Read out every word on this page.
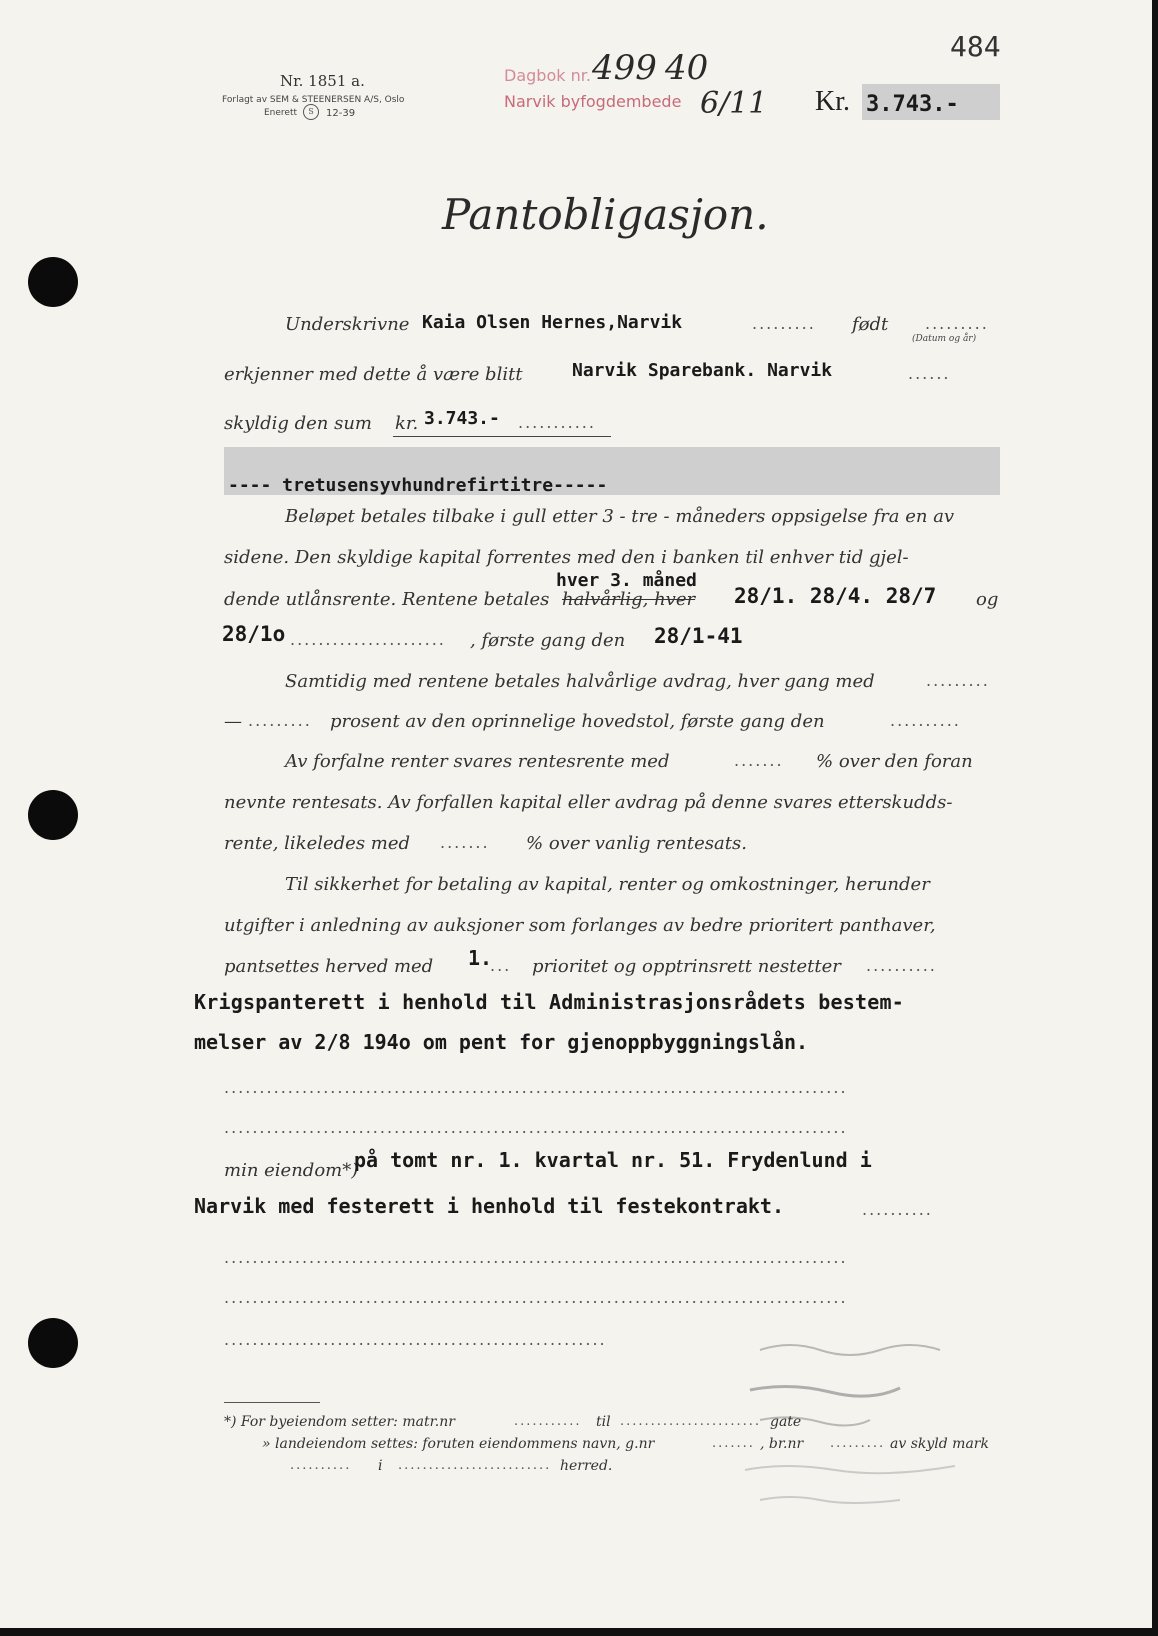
Nr. 1851 a.
Forlagt av SEM & STEENERSEN A/S, Oslo
Enerett	S	12-39
Dagbok nr.
Narvik byfogdembede
499 40
6/11
484
Kr. 3.743.-
Pantobligasjon.
Underskrivne Kaia Olsen Hernes,Narvik	......... født .........
(Datum og år)
erkjenner med dette å være blitt	Narvik Sparebank. Narvik	......
skyldig den sum kr. 3.743.- ...........
---- tretusensyvhundrefirtitre-----
Beløpet betales tilbake i gull etter 3 - tre - måneders oppsigelse fra en av
sidene. Den skyldige kapital forrentes med den i banken til enhver tid gjel-
dende utlånsrente. Rentene betales
hver 3. måned
halvårlig, hver 28/1. 28/4. 28/7 og
28/1o ...................... , første gang den 28/1-41
Samtidig med rentene betales halvårlige avdrag, hver gang med	.........
— ......... prosent av den oprinnelige hovedstol, første gang den	..........
Av forfalne renter svares rentesrente med	....... % over den foran
nevnte rentesats. Av forfallen kapital eller avdrag på denne svares etterskudds-
rente, likeledes med ....... % over vanlig rentesats.
Til sikkerhet for betaling av kapital, renter og omkostninger, herunder
utgifter i anledning av auksjoner som forlanges av bedre prioritert panthaver,
pantsettes herved med 1.
... prioritet og opptrinsrett nestetter ..........
Krigspanterett i henhold til Administrasjonsrådets bestem-
melser av 2/8 194o om pent for gjenoppbyggningslån.
........................................................................................
........................................................................................
min eiendom*)
på tomt nr. 1. kvartal nr. 51. Frydenlund i
Narvik med festerett i henhold til festekontrakt.	..........
........................................................................................
........................................................................................
......................................................
*) For byeiendom setter: matr.nr	........... til ....................... gate
» landeiendom settes: foruten eiendommens navn, g.nr	....... , br.nr ......... av skyld mark
.......... i ......................... herred.
